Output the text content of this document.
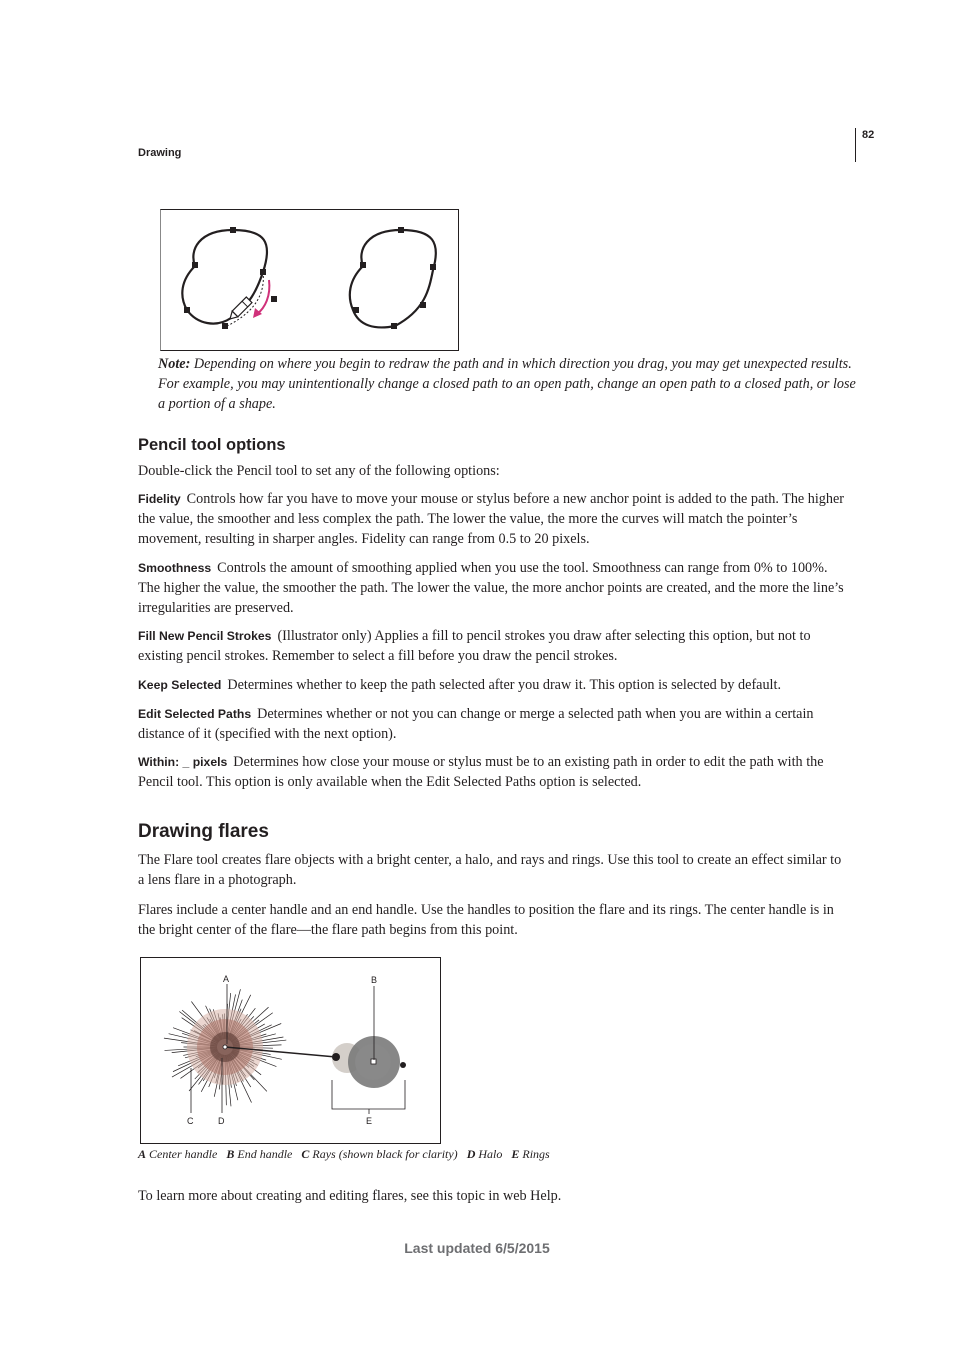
Drawing
82
Note: Depending on where you begin to redraw the path and in which direction you drag, you may get unexpected results. For example, you may unintentionally change a closed path to an open path, change an open path to a closed path, or lose a portion of a shape.
Pencil tool options
Double-click the Pencil tool to set any of the following options:
Fidelity Controls how far you have to move your mouse or stylus before a new anchor point is added to the path. The higher the value, the smoother and less complex the path. The lower the value, the more the curves will match the pointer’s movement, resulting in sharper angles. Fidelity can range from 0.5 to 20 pixels.
Smoothness Controls the amount of smoothing applied when you use the tool. Smoothness can range from 0% to 100%. The higher the value, the smoother the path. The lower the value, the more anchor points are created, and the more the line’s irregularities are preserved.
Fill New Pencil Strokes (Illustrator only) Applies a fill to pencil strokes you draw after selecting this option, but not to existing pencil strokes. Remember to select a fill before you draw the pencil strokes.
Keep Selected Determines whether to keep the path selected after you draw it. This option is selected by default.
Edit Selected Paths Determines whether or not you can change or merge a selected path when you are within a certain distance of it (specified with the next option).
Within: _ pixels Determines how close your mouse or stylus must be to an existing path in order to edit the path with the Pencil tool. This option is only available when the Edit Selected Paths option is selected.
Drawing flares
The Flare tool creates flare objects with a bright center, a halo, and rays and rings. Use this tool to create an effect similar to a lens flare in a photograph.
Flares include a center handle and an end handle. Use the handles to position the flare and its rings. The center handle is in the bright center of the flare—the flare path begins from this point.
A	B
C	D	E
A Center handle B End handle C Rays (shown black for clarity) D Halo E Rings
To learn more about creating and editing flares, see this topic in web Help.
Last updated 6/5/2015
